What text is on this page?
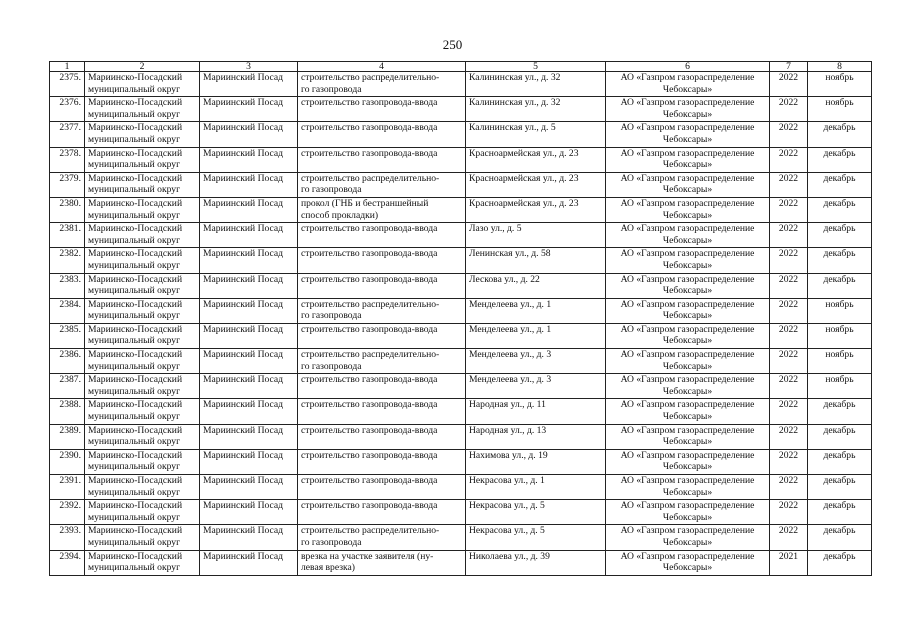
250
1	2	3	4	5	6	7	8
2375.	Мариинско-Посадский
муниципальный округ	Мариинский Посад	строительство распределительно-
го газопровода	Калининская ул., д. 32	АО «Газпром газораспределение
Чебоксары»	2022	ноябрь
2376.	Мариинско-Посадский
муниципальный округ	Мариинский Посад	строительство газопровода-ввода	Калининская ул., д. 32	АО «Газпром газораспределение
Чебоксары»	2022	ноябрь
2377.	Мариинско-Посадский
муниципальный округ	Мариинский Посад	строительство газопровода-ввода	Калининская ул., д. 5	АО «Газпром газораспределение
Чебоксары»	2022	декабрь
2378.	Мариинско-Посадский
муниципальный округ	Мариинский Посад	строительство газопровода-ввода	Красноармейская ул., д. 23	АО «Газпром газораспределение
Чебоксары»	2022	декабрь
2379.	Мариинско-Посадский
муниципальный округ	Мариинский Посад	строительство распределительно-
го газопровода	Красноармейская ул., д. 23	АО «Газпром газораспределение
Чебоксары»	2022	декабрь
2380.	Мариинско-Посадский
муниципальный округ	Мариинский Посад	прокол (ГНБ и бестраншейный
способ прокладки)	Красноармейская ул., д. 23	АО «Газпром газораспределение
Чебоксары»	2022	декабрь
2381.	Мариинско-Посадский
муниципальный округ	Мариинский Посад	строительство газопровода-ввода	Лазо ул., д. 5	АО «Газпром газораспределение
Чебоксары»	2022	декабрь
2382.	Мариинско-Посадский
муниципальный округ	Мариинский Посад	строительство газопровода-ввода	Ленинская ул., д. 58	АО «Газпром газораспределение
Чебоксары»	2022	декабрь
2383.	Мариинско-Посадский
муниципальный округ	Мариинский Посад	строительство газопровода-ввода	Лескова ул., д. 22	АО «Газпром газораспределение
Чебоксары»	2022	декабрь
2384.	Мариинско-Посадский
муниципальный округ	Мариинский Посад	строительство распределительно-
го газопровода	Менделеева ул., д. 1	АО «Газпром газораспределение
Чебоксары»	2022	ноябрь
2385.	Мариинско-Посадский
муниципальный округ	Мариинский Посад	строительство газопровода-ввода	Менделеева ул., д. 1	АО «Газпром газораспределение
Чебоксары»	2022	ноябрь
2386.	Мариинско-Посадский
муниципальный округ	Мариинский Посад	строительство распределительно-
го газопровода	Менделеева ул., д. 3	АО «Газпром газораспределение
Чебоксары»	2022	ноябрь
2387.	Мариинско-Посадский
муниципальный округ	Мариинский Посад	строительство газопровода-ввода	Менделеева ул., д. 3	АО «Газпром газораспределение
Чебоксары»	2022	ноябрь
2388.	Мариинско-Посадский
муниципальный округ	Мариинский Посад	строительство газопровода-ввода	Народная ул., д. 11	АО «Газпром газораспределение
Чебоксары»	2022	декабрь
2389.	Мариинско-Посадский
муниципальный округ	Мариинский Посад	строительство газопровода-ввода	Народная ул., д. 13	АО «Газпром газораспределение
Чебоксары»	2022	декабрь
2390.	Мариинско-Посадский
муниципальный округ	Мариинский Посад	строительство газопровода-ввода	Нахимова ул., д. 19	АО «Газпром газораспределение
Чебоксары»	2022	декабрь
2391.	Мариинско-Посадский
муниципальный округ	Мариинский Посад	строительство газопровода-ввода	Некрасова ул., д. 1	АО «Газпром газораспределение
Чебоксары»	2022	декабрь
2392.	Мариинско-Посадский
муниципальный округ	Мариинский Посад	строительство газопровода-ввода	Некрасова ул., д. 5	АО «Газпром газораспределение
Чебоксары»	2022	декабрь
2393.	Мариинско-Посадский
муниципальный округ	Мариинский Посад	строительство распределительно-
го газопровода	Некрасова ул., д. 5	АО «Газпром газораспределение
Чебоксары»	2022	декабрь
2394.	Мариинско-Посадский
муниципальный округ	Мариинский Посад	врезка на участке заявителя (ну-
левая врезка)	Николаева ул., д. 39	АО «Газпром газораспределение
Чебоксары»	2021	декабрь
